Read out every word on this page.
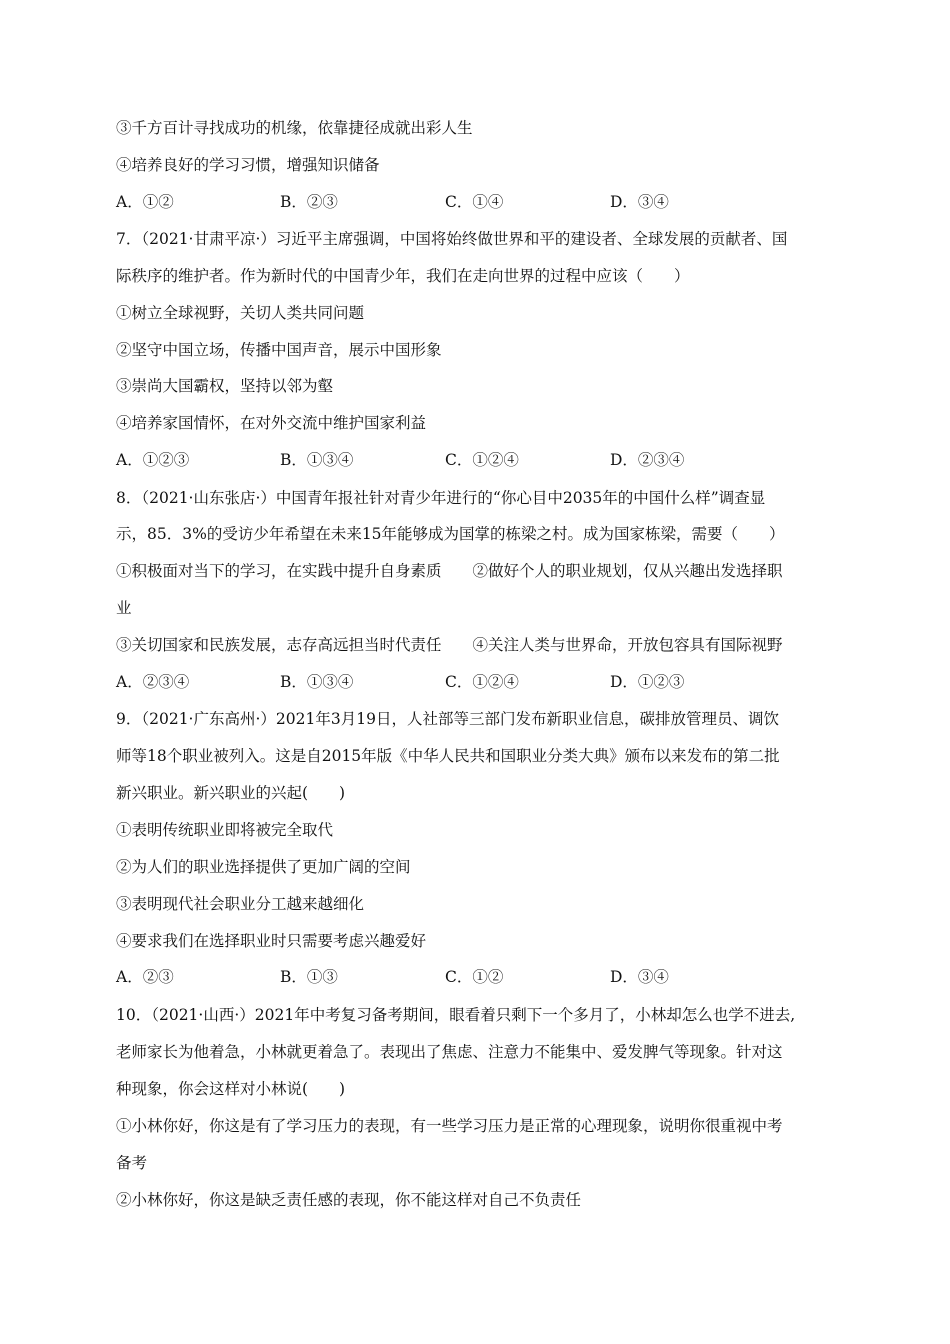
③千方百计寻找成功的机缘，依靠捷径成就出彩人生
④培养良好的学习习惯，增强知识储备
A．①②	B．②③	C．①④	D．③④
7．（2021·甘肃平凉·）习近平主席强调，中国将始终做世界和平的建设者、全球发展的贡献者、国
际秩序的维护者。作为新时代的中国青少年，我们在走向世界的过程中应该（　　）
①树立全球视野，关切人类共同问题
②坚守中国立场，传播中国声音，展示中国形象
③崇尚大国霸权，坚持以邻为壑
④培养家国情怀，在对外交流中维护国家利益
A．①②③	B．①③④	C．①②④	D．②③④
8．（2021·山东张店·）中国青年报社针对青少年进行的“你心目中2035年的中国什么样”调查显
示，85．3%的受访少年希望在未来15年能够成为国掌的栋梁之村。成为国家栋梁，需要（　　）
①积极面对当下的学习，在实践中提升自身素质　　②做好个人的职业规划，仅从兴趣出发选择职
业
③关切国家和民族发展，志存高远担当时代责任　　④关注人类与世界命，开放包容具有国际视野
A．②③④	B．①③④	C．①②④	D．①②③
9．（2021·广东高州·）2021年3月19日，人社部等三部门发布新职业信息，碳排放管理员、调饮
师等18个职业被列入。这是自2015年版《中华人民共和国职业分类大典》颁布以来发布的第二批
新兴职业。新兴职业的兴起(　　)
①表明传统职业即将被完全取代
②为人们的职业选择提供了更加广阔的空间
③表明现代社会职业分工越来越细化
④要求我们在选择职业时只需要考虑兴趣爱好
A．②③	B．①③	C．①②	D．③④
10．（2021·山西·）2021年中考复习备考期间，眼看着只剩下一个多月了，小林却怎么也学不进去,
老师家长为他着急，小林就更着急了。表现出了焦虑、注意力不能集中、爱发脾气等现象。针对这
种现象，你会这样对小林说(　　)
①小林你好，你这是有了学习压力的表现，有一些学习压力是正常的心理现象，说明你很重视中考
备考
②小林你好，你这是缺乏责任感的表现，你不能这样对自己不负责任
